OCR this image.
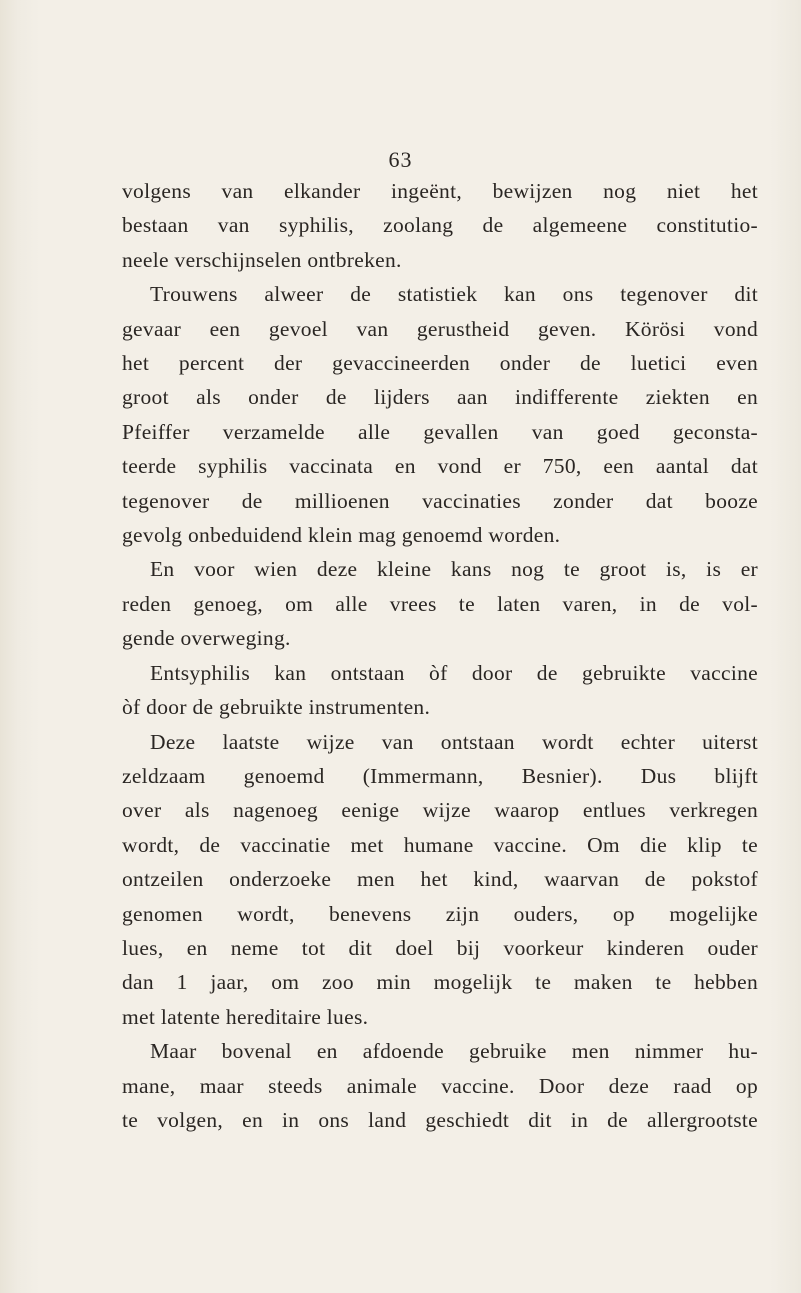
63
volgens van elkander ingeënt, bewijzen nog niet het
bestaan van syphilis, zoolang de algemeene constitutio-
neele verschijnselen ontbreken.
Trouwens alweer de statistiek kan ons tegenover dit
gevaar een gevoel van gerustheid geven. Körösi vond
het percent der gevaccineerden onder de luetici even
groot als onder de lijders aan indifferente ziekten en
Pfeiffer verzamelde alle gevallen van goed geconsta-
teerde syphilis vaccinata en vond er 750, een aantal dat
tegenover de millioenen vaccinaties zonder dat booze
gevolg onbeduidend klein mag genoemd worden.
En voor wien deze kleine kans nog te groot is, is er
reden genoeg, om alle vrees te laten varen, in de vol-
gende overweging.
Entsyphilis kan ontstaan òf door de gebruikte vaccine
òf door de gebruikte instrumenten.
Deze laatste wijze van ontstaan wordt echter uiterst
zeldzaam genoemd (Immermann, Besnier). Dus blijft
over als nagenoeg eenige wijze waarop entlues verkregen
wordt, de vaccinatie met humane vaccine. Om die klip te
ontzeilen onderzoeke men het kind, waarvan de pokstof
genomen wordt, benevens zijn ouders, op mogelijke
lues, en neme tot dit doel bij voorkeur kinderen ouder
dan 1 jaar, om zoo min mogelijk te maken te hebben
met latente hereditaire lues.
Maar bovenal en afdoende gebruike men nimmer hu-
mane, maar steeds animale vaccine. Door deze raad op
te volgen, en in ons land geschiedt dit in de allergrootste
